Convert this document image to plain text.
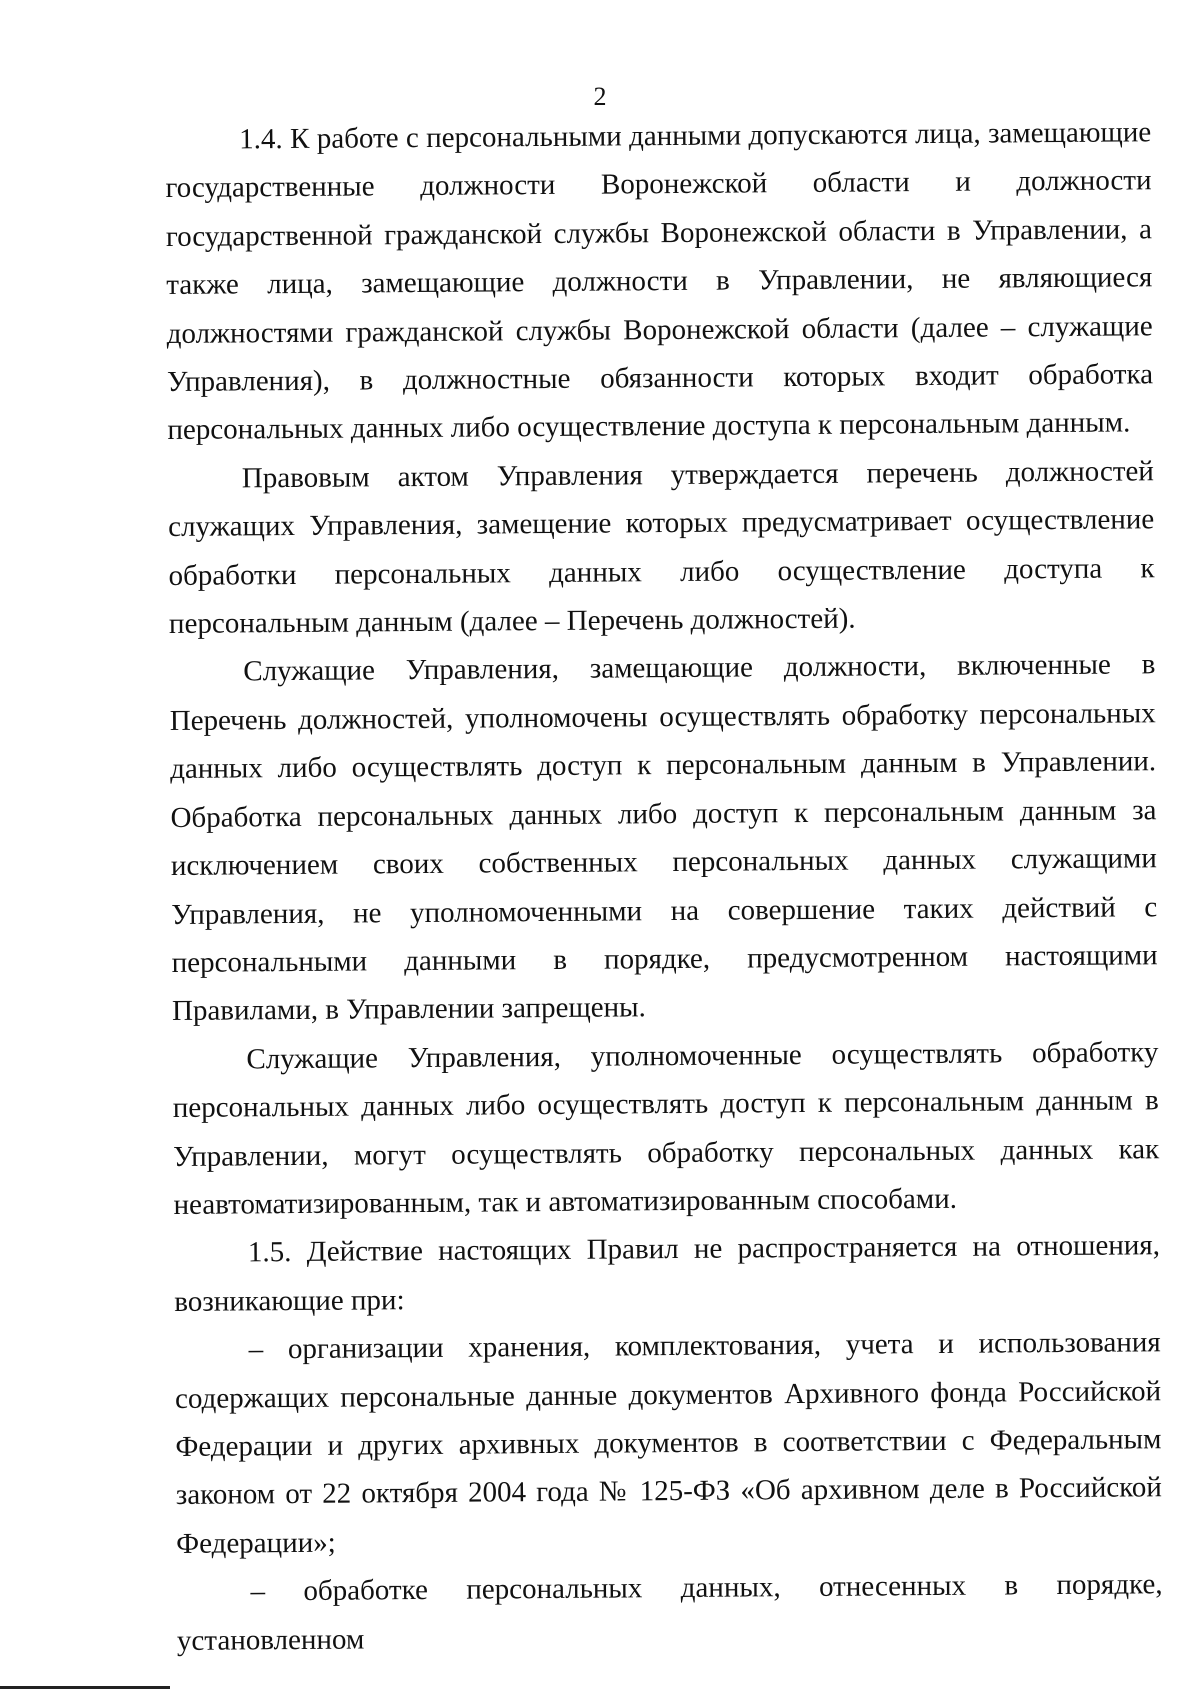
2

1.4. К работе с персональными данными допускаются лица, замещающие государственные должности Воронежской области и должности государственной гражданской службы Воронежской области в Управлении, а также лица, замещающие должности в Управлении, не являющиеся должностями гражданской службы Воронежской области (далее – служащие Управления), в должностные обязанности которых входит обработка персональных данных либо осуществление доступа к персональным данным.

Правовым актом Управления утверждается перечень должностей служащих Управления, замещение которых предусматривает осуществление обработки персональных данных либо осуществление доступа к персональным данным (далее – Перечень должностей).

Служащие Управления, замещающие должности, включенные в Перечень должностей, уполномочены осуществлять обработку персональных данных либо осуществлять доступ к персональным данным в Управлении. Обработка персональных данных либо доступ к персональным данным за исключением своих собственных персональных данных служащими Управления, не уполномоченными на совершение таких действий с персональными данными в порядке, предусмотренном настоящими Правилами, в Управлении запрещены.

Служащие Управления, уполномоченные осуществлять обработку персональных данных либо осуществлять доступ к персональным данным в Управлении, могут осуществлять обработку персональных данных как неавтоматизированным, так и автоматизированным способами.

1.5. Действие настоящих Правил не распространяется на отношения, возникающие при:

– организации хранения, комплектования, учета и использования содержащих персональные данные документов Архивного фонда Российской Федерации и других архивных документов в соответствии с Федеральным законом от 22 октября 2004 года № 125-ФЗ «Об архивном деле в Российской Федерации»;

– обработке персональных данных, отнесенных в порядке, установленном
